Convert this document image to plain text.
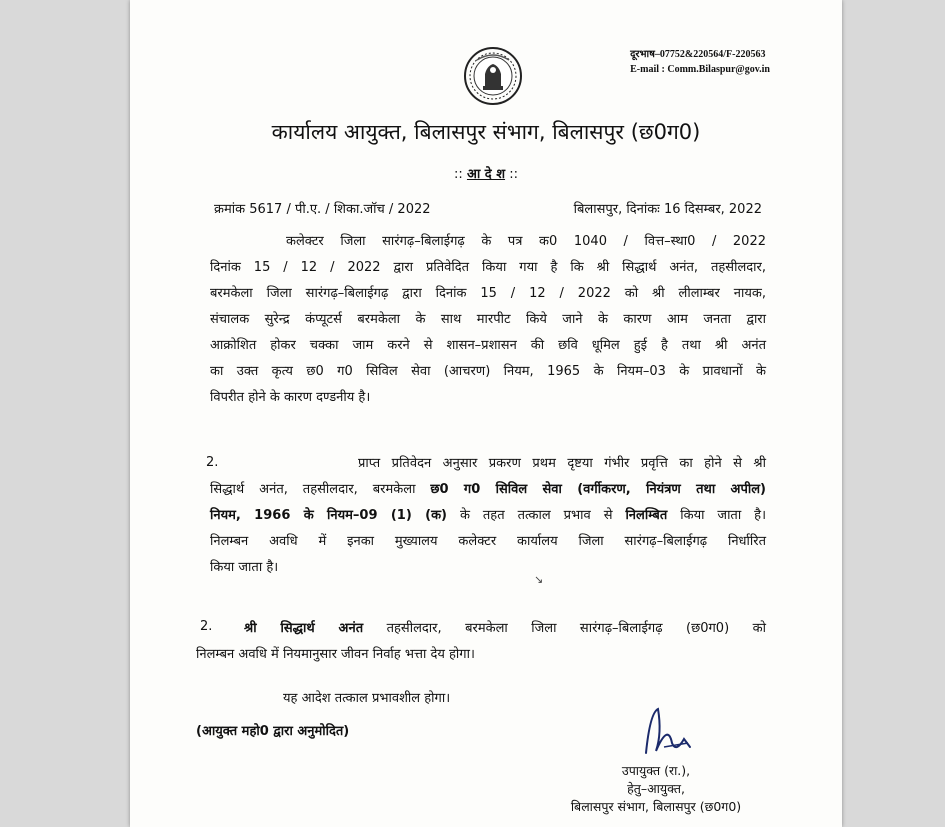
दूरभाष–07752&220564/F-220563
E-mail : Comm.Bilaspur@gov.in
कार्यालय आयुक्त, बिलासपुर संभाग, बिलासपुर (छ0ग0)
:: आ दे श ::
क्रमांक 5617 / पी.ए. / शिका.जॉच / 2022	बिलासपुर, दिनांकः 16 दिसम्बर, 2022
कलेक्टर जिला सारंगढ़–बिलाईगढ़ के पत्र क0 1040 / वित्त–स्था0 / 2022
दिनांक 15 / 12 / 2022 द्वारा प्रतिवेदित किया गया है कि श्री सिद्धार्थ अनंत, तहसीलदार,
बरमकेला जिला सारंगढ़–बिलाईगढ़ द्वारा दिनांक 15 / 12 / 2022 को श्री लीलाम्बर नायक,
संचालक सुरेन्द्र कंप्यूटर्स बरमकेला के साथ मारपीट किये जाने के कारण आम जनता द्वारा
आक्रोशित होकर चक्का जाम करने से शासन–प्रशासन की छवि धूमिल हुई है तथा श्री अनंत
का उक्त कृत्य छ0 ग0 सिविल सेवा (आचरण) नियम, 1965 के नियम–03 के प्रावधानों के
विपरीत होने के कारण दण्डनीय है।
2.	प्राप्त प्रतिवेदन अनुसार प्रकरण प्रथम दृष्टया गंभीर प्रवृत्ति का होने से श्री
सिद्धार्थ अनंत, तहसीलदार, बरमकेला छ0 ग0 सिविल सेवा (वर्गीकरण, नियंत्रण तथा अपील)
नियम, 1966 के नियम–09 (1) (क) के तहत तत्काल प्रभाव से निलम्बित किया जाता है।
निलम्बन अवधि में इनका मुख्यालय कलेक्टर कार्यालय जिला सारंगढ़–बिलाईगढ़ निर्धारित
किया जाता है।
↘
2.	श्री सिद्धार्थ अनंत तहसीलदार, बरमकेला जिला सारंगढ़–बिलाईगढ़ (छ0ग0) को
निलम्बन अवधि में नियमानुसार जीवन निर्वाह भत्ता देय होगा।
यह आदेश तत्काल प्रभावशील होगा।
(आयुक्त महो0 द्वारा अनुमोदित)
उपायुक्त (रा.),
हेतु–आयुक्त,
बिलासपुर संभाग, बिलासपुर (छ0ग0)
